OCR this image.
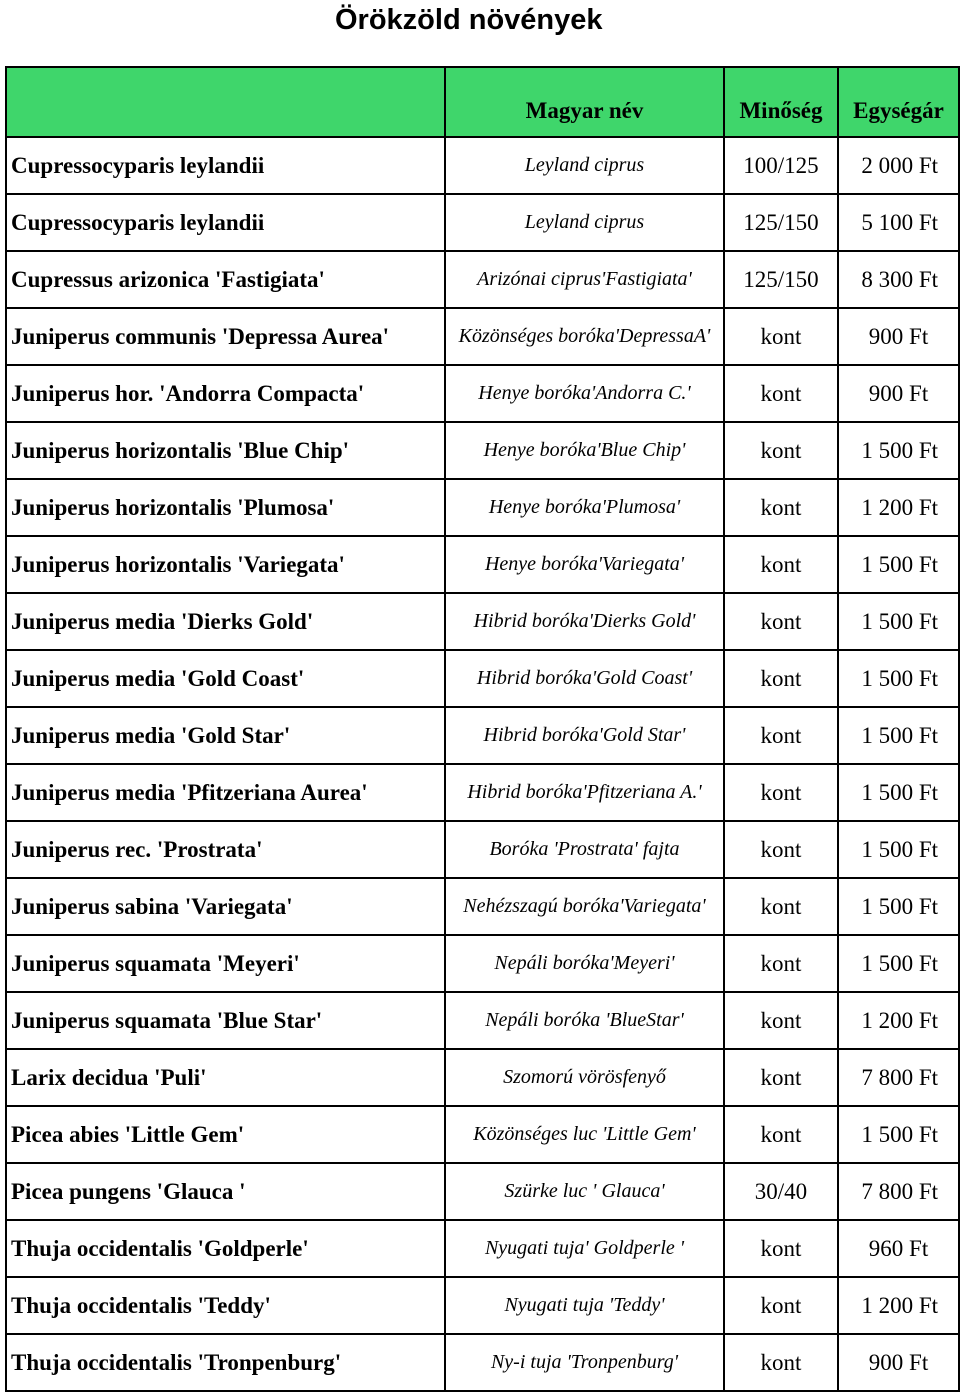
Örökzöld növények
	Magyar név	Minőség	Egységár
Cupressocyparis leylandii	Leyland ciprus	100/125	2 000 Ft
Cupressocyparis leylandii	Leyland ciprus	125/150	5 100 Ft
Cupressus arizonica 'Fastigiata'	Arizónai ciprus'Fastigiata'	125/150	8 300 Ft
Juniperus communis 'Depressa Aurea'	Közönséges boróka'DepressaA'	kont	900 Ft
Juniperus hor. 'Andorra Compacta'	Henye boróka'Andorra C.'	kont	900 Ft
Juniperus horizontalis 'Blue Chip'	Henye boróka'Blue Chip'	kont	1 500 Ft
Juniperus horizontalis 'Plumosa'	Henye boróka'Plumosa'	kont	1 200 Ft
Juniperus horizontalis 'Variegata'	Henye boróka'Variegata'	kont	1 500 Ft
Juniperus media 'Dierks Gold'	Hibrid boróka'Dierks Gold'	kont	1 500 Ft
Juniperus media 'Gold Coast'	Hibrid boróka'Gold Coast'	kont	1 500 Ft
Juniperus media 'Gold Star'	Hibrid boróka'Gold Star'	kont	1 500 Ft
Juniperus media 'Pfitzeriana Aurea'	Hibrid boróka'Pfitzeriana A.'	kont	1 500 Ft
Juniperus rec. 'Prostrata'	Boróka 'Prostrata' fajta	kont	1 500 Ft
Juniperus sabina 'Variegata'	Nehézszagú boróka'Variegata'	kont	1 500 Ft
Juniperus squamata 'Meyeri'	Nepáli boróka'Meyeri'	kont	1 500 Ft
Juniperus squamata 'Blue Star'	Nepáli boróka 'BlueStar'	kont	1 200 Ft
Larix decidua 'Puli'	Szomorú vörösfenyő	kont	7 800 Ft
Picea abies 'Little Gem'	Közönséges luc 'Little Gem'	kont	1 500 Ft
Picea pungens 'Glauca '	Szürke luc ' Glauca'	30/40	7 800 Ft
Thuja occidentalis 'Goldperle'	Nyugati tuja' Goldperle '	kont	960 Ft
Thuja occidentalis 'Teddy'	Nyugati tuja 'Teddy'	kont	1 200 Ft
Thuja occidentalis 'Tronpenburg'	Ny-i tuja 'Tronpenburg'	kont	900 Ft
